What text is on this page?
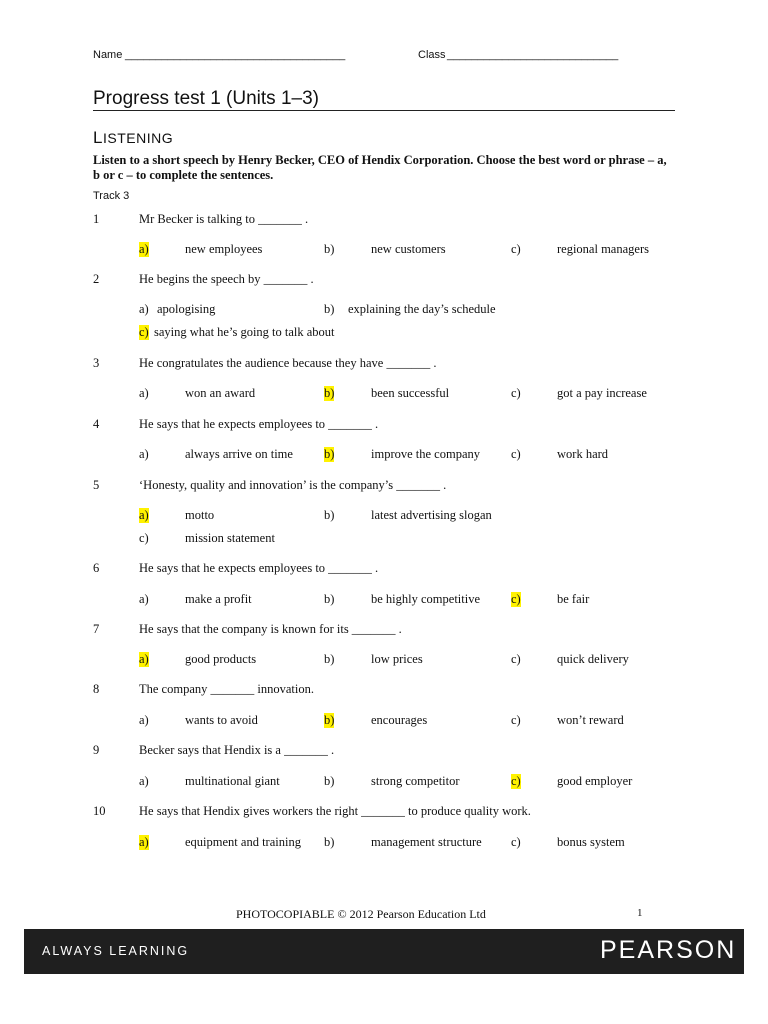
Name ____________________________________	Class ____________________________
Progress test 1 (Units 1–3)
LISTENING
Listen to a short speech by Henry Becker, CEO of Hendix Corporation. Choose the best word or phrase – a, b or c – to complete the sentences.
Track 3
1	Mr Becker is talking to _______ .
a)	new employees	b)	new customers	c)	regional managers
2	He begins the speech by _______ .
a) apologising	b) explaining the day’s schedule
c) saying what he’s going to talk about
3	He congratulates the audience because they have _______ .
a)	won an award	b)	been successful	c)	got a pay increase
4	He says that he expects employees to _______ .
a)	always arrive on time b)	improve the company c)	work hard
5	‘Honesty, quality and innovation’ is the company’s _______ .
a)	motto	b)	latest advertising slogan
c)	mission statement
6	He says that he expects employees to _______ .
a)	make a profit	b)	be highly competitive c)	be fair
7	He says that the company is known for its _______ .
a)	good products	b)	low prices	c)	quick delivery
8	The company _______ innovation.
a)	wants to avoid	b)	encourages	c)	won’t reward
9	Becker says that Hendix is a _______ .
a)	multinational giant	b)	strong competitor	c)	good employer
10	He says that Hendix gives workers the right _______ to produce quality work.
a)	equipment and training b)	management structure c)	bonus system
PHOTOCOPIABLE © 2012 Pearson Education Ltd	1
ALWAYS LEARNING	PEARSON
